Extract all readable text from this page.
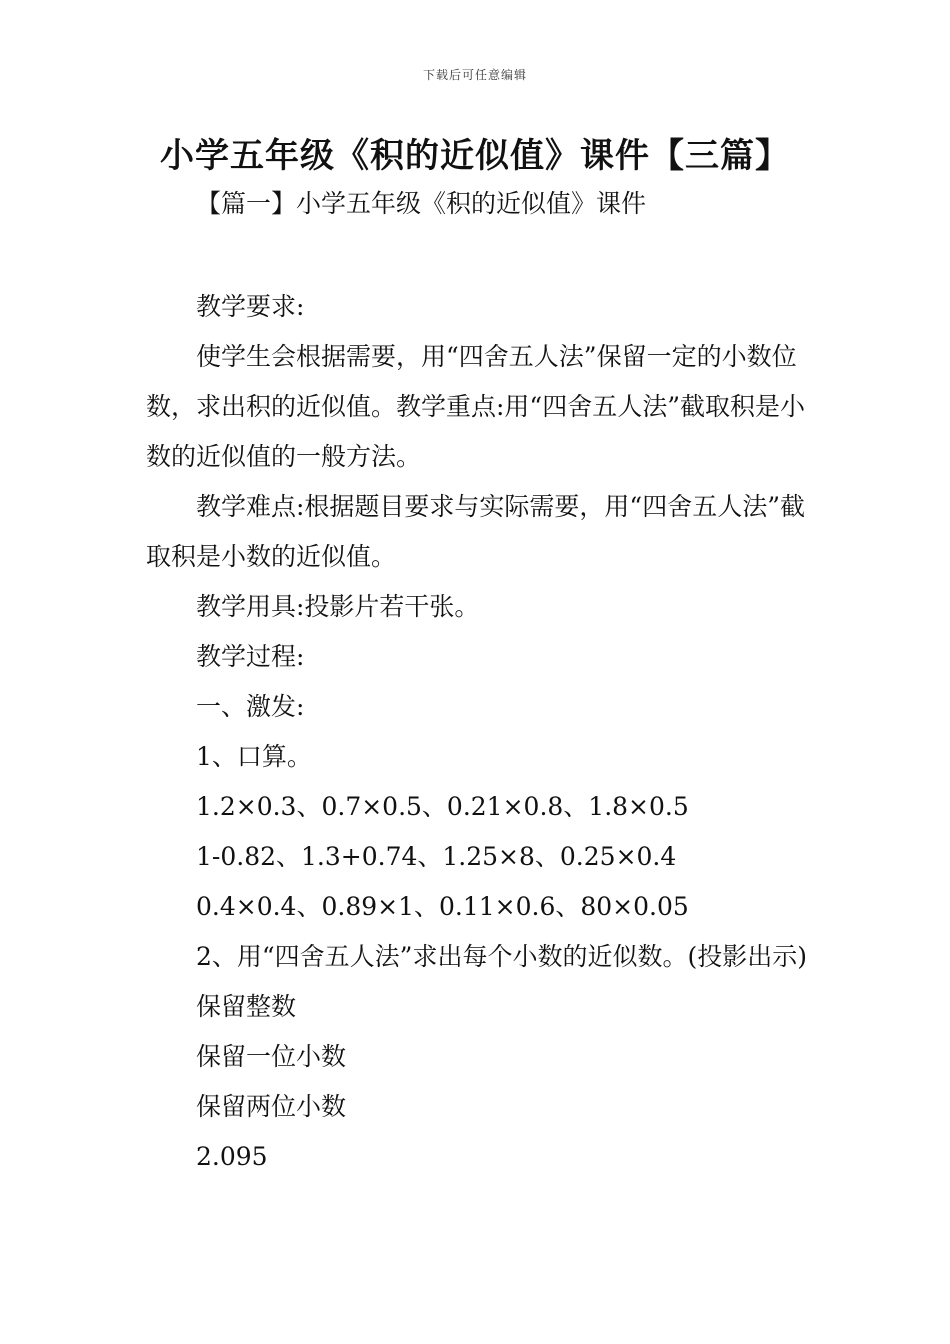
下载后可任意编辑
小学五年级《积的近似值》课件【三篇】
【篇一】小学五年级《积的近似值》课件

教学要求:

使学生会根据需要，用“四舍五人法”保留一定的小数位数，求出积的近似值。教学重点:用“四舍五人法”截取积是小数的近似值的一般方法。

教学难点:根据题目要求与实际需要，用“四舍五人法”截取积是小数的近似值。

教学用具:投影片若干张。

教学过程:

一、激发:

1、口算。

1.2×0.3、0.7×0.5、0.21×0.8、1.8×0.5

1-0.82、1.3+0.74、1.25×8、0.25×0.4

0.4×0.4、0.89×1、0.11×0.6、80×0.05

2、用“四舍五人法”求出每个小数的近似数。(投影出示)

保留整数

保留一位小数

保留两位小数

2.095
